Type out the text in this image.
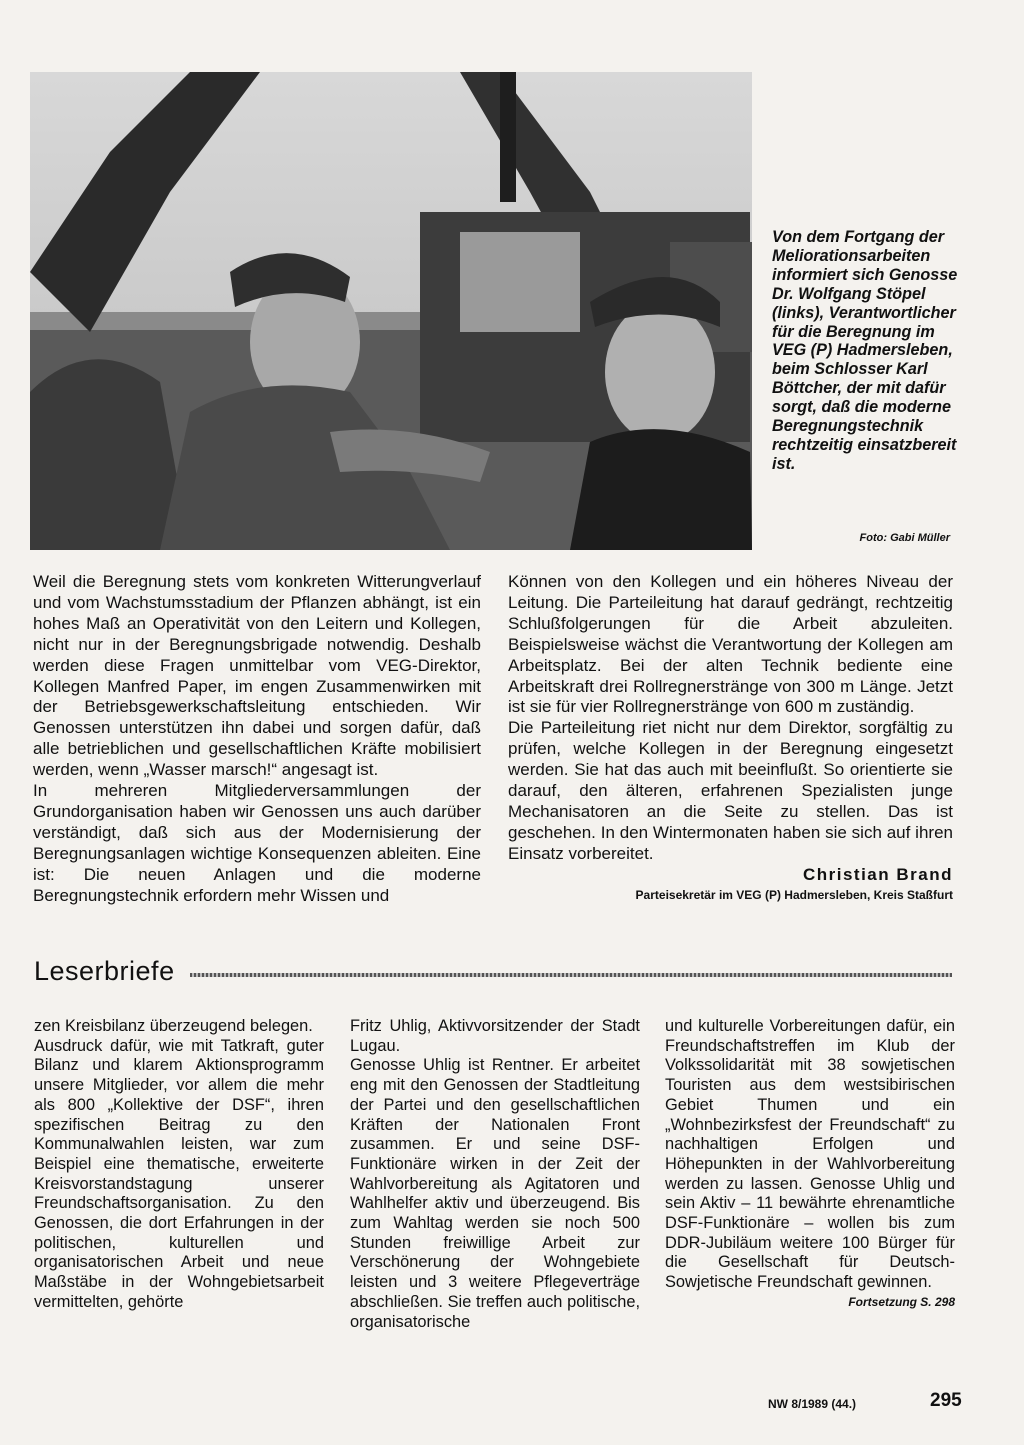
Von dem Fortgang der Meliorationsarbeiten informiert sich Genosse Dr. Wolfgang Stöpel (links), Verantwortlicher für die Beregnung im VEG (P) Hadmersleben, beim Schlosser Karl Böttcher, der mit dafür sorgt, daß die moderne Beregnungstechnik rechtzeitig einsatzbereit ist.

Foto: Gabi Müller

Weil die Beregnung stets vom konkreten Witterungverlauf und vom Wachstumsstadium der Pflanzen abhängt, ist ein hohes Maß an Operativität von den Leitern und Kollegen, nicht nur in der Beregnungsbrigade notwendig. Deshalb werden diese Fragen unmittelbar vom VEG-Direktor, Kollegen Manfred Paper, im engen Zusammenwirken mit der Betriebsgewerkschaftsleitung entschieden. Wir Genossen unterstützen ihn dabei und sorgen dafür, daß alle betrieblichen und gesellschaftlichen Kräfte mobilisiert werden, wenn „Wasser marsch!“ angesagt ist.

In mehreren Mitgliederversammlungen der Grundorganisation haben wir Genossen uns auch darüber verständigt, daß sich aus der Modernisierung der Beregnungsanlagen wichtige Konsequenzen ableiten. Eine ist: Die neuen Anlagen und die moderne Beregnungstechnik erfordern mehr Wissen und

Können von den Kollegen und ein höheres Niveau der Leitung. Die Parteileitung hat darauf gedrängt, rechtzeitig Schlußfolgerungen für die Arbeit abzuleiten. Beispielsweise wächst die Verantwortung der Kollegen am Arbeitsplatz. Bei der alten Technik bediente eine Arbeitskraft drei Rollregnerstränge von 300 m Länge. Jetzt ist sie für vier Rollregnerstränge von 600 m zuständig.

Die Parteileitung riet nicht nur dem Direktor, sorgfältig zu prüfen, welche Kollegen in der Beregnung eingesetzt werden. Sie hat das auch mit beeinflußt. So orientierte sie darauf, den älteren, erfahrenen Spezialisten junge Mechanisatoren an die Seite zu stellen. Das ist geschehen. In den Wintermonaten haben sie sich auf ihren Einsatz vorbereitet.

Christian Brand

Parteisekretär im VEG (P) Hadmersleben, Kreis Staßfurt

Leserbriefe

zen Kreisbilanz überzeugend belegen.

Ausdruck dafür, wie mit Tatkraft, guter Bilanz und klarem Aktionsprogramm unsere Mitglieder, vor allem die mehr als 800 „Kollektive der DSF“, ihren spezifischen Beitrag zu den Kommunalwahlen leisten, war zum Beispiel eine thematische, erweiterte Kreisvorstandstagung unserer Freundschaftsorganisation. Zu den Genossen, die dort Erfahrungen in der politischen, kulturellen und organisatorischen Arbeit und neue Maßstäbe in der Wohngebietsarbeit vermittelten, gehörte

Fritz Uhlig, Aktivvorsitzender der Stadt Lugau.

Genosse Uhlig ist Rentner. Er arbeitet eng mit den Genossen der Stadtleitung der Partei und den gesellschaftlichen Kräften der Nationalen Front zusammen. Er und seine DSF-Funktionäre wirken in der Zeit der Wahlvorbereitung als Agitatoren und Wahlhelfer aktiv und überzeugend. Bis zum Wahltag werden sie noch 500 Stunden freiwillige Arbeit zur Verschönerung der Wohngebiete leisten und 3 weitere Pflegeverträge abschließen. Sie treffen auch politische, organisatorische

und kulturelle Vorbereitungen dafür, ein Freundschaftstreffen im Klub der Volkssolidarität mit 38 sowjetischen Touristen aus dem westsibirischen Gebiet Thumen und ein „Wohnbezirksfest der Freundschaft“ zu nachhaltigen Erfolgen und Höhepunkten in der Wahlvorbereitung werden zu lassen. Genosse Uhlig und sein Aktiv – 11 bewährte ehrenamtliche DSF-Funktionäre – wollen bis zum DDR-Jubiläum weitere 100 Bürger für die Gesellschaft für Deutsch-Sowjetische Freundschaft gewinnen.

Fortsetzung S. 298

NW 8/1989 (44.)	295
